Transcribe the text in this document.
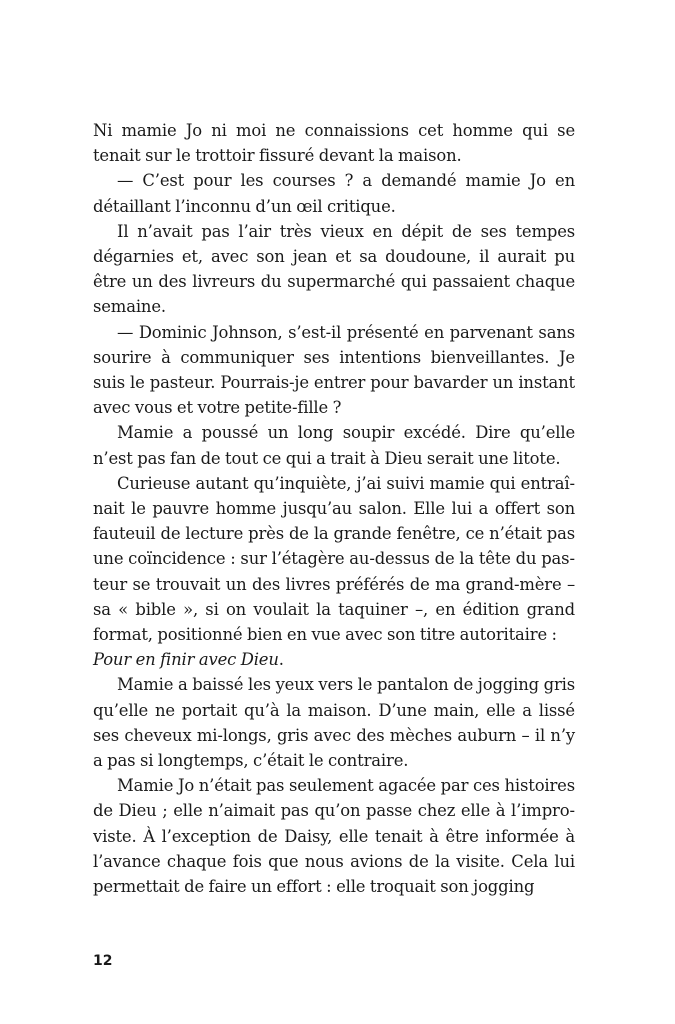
Ni mamie Jo ni moi ne connaissions cet homme qui se tenait sur le trottoir fissuré devant la maison.

— C’est pour les courses ? a demandé mamie Jo en détaillant l’inconnu d’un œil critique.

Il n’avait pas l’air très vieux en dépit de ses tempes dégarnies et, avec son jean et sa doudoune, il aurait pu être un des livreurs du supermarché qui passaient chaque semaine.

— Dominic Johnson, s’est-il présenté en parvenant sans sourire à communiquer ses intentions bienveillantes. Je suis le pasteur. Pourrais-je entrer pour bavarder un instant avec vous et votre petite-fille ?

Mamie a poussé un long soupir excédé. Dire qu’elle n’est pas fan de tout ce qui a trait à Dieu serait une litote.

Curieuse autant qu’inquiète, j’ai suivi mamie qui entraînait le pauvre homme jusqu’au salon. Elle lui a offert son fauteuil de lecture près de la grande fenêtre, ce n’était pas une coïncidence : sur l’étagère au-dessus de la tête du pasteur se trouvait un des livres préférés de ma grand-mère – sa « bible », si on voulait la taquiner –, en édition grand format, positionné bien en vue avec son titre autoritaire :

Pour en finir avec Dieu.

Mamie a baissé les yeux vers le pantalon de jogging gris qu’elle ne portait qu’à la maison. D’une main, elle a lissé ses cheveux mi-longs, gris avec des mèches auburn – il n’y a pas si longtemps, c’était le contraire.

Mamie Jo n’était pas seulement agacée par ces histoires de Dieu ; elle n’aimait pas qu’on passe chez elle à l’improviste. À l’exception de Daisy, elle tenait à être informée à l’avance chaque fois que nous avions de la visite. Cela lui permettait de faire un effort : elle troquait son jogging

12
